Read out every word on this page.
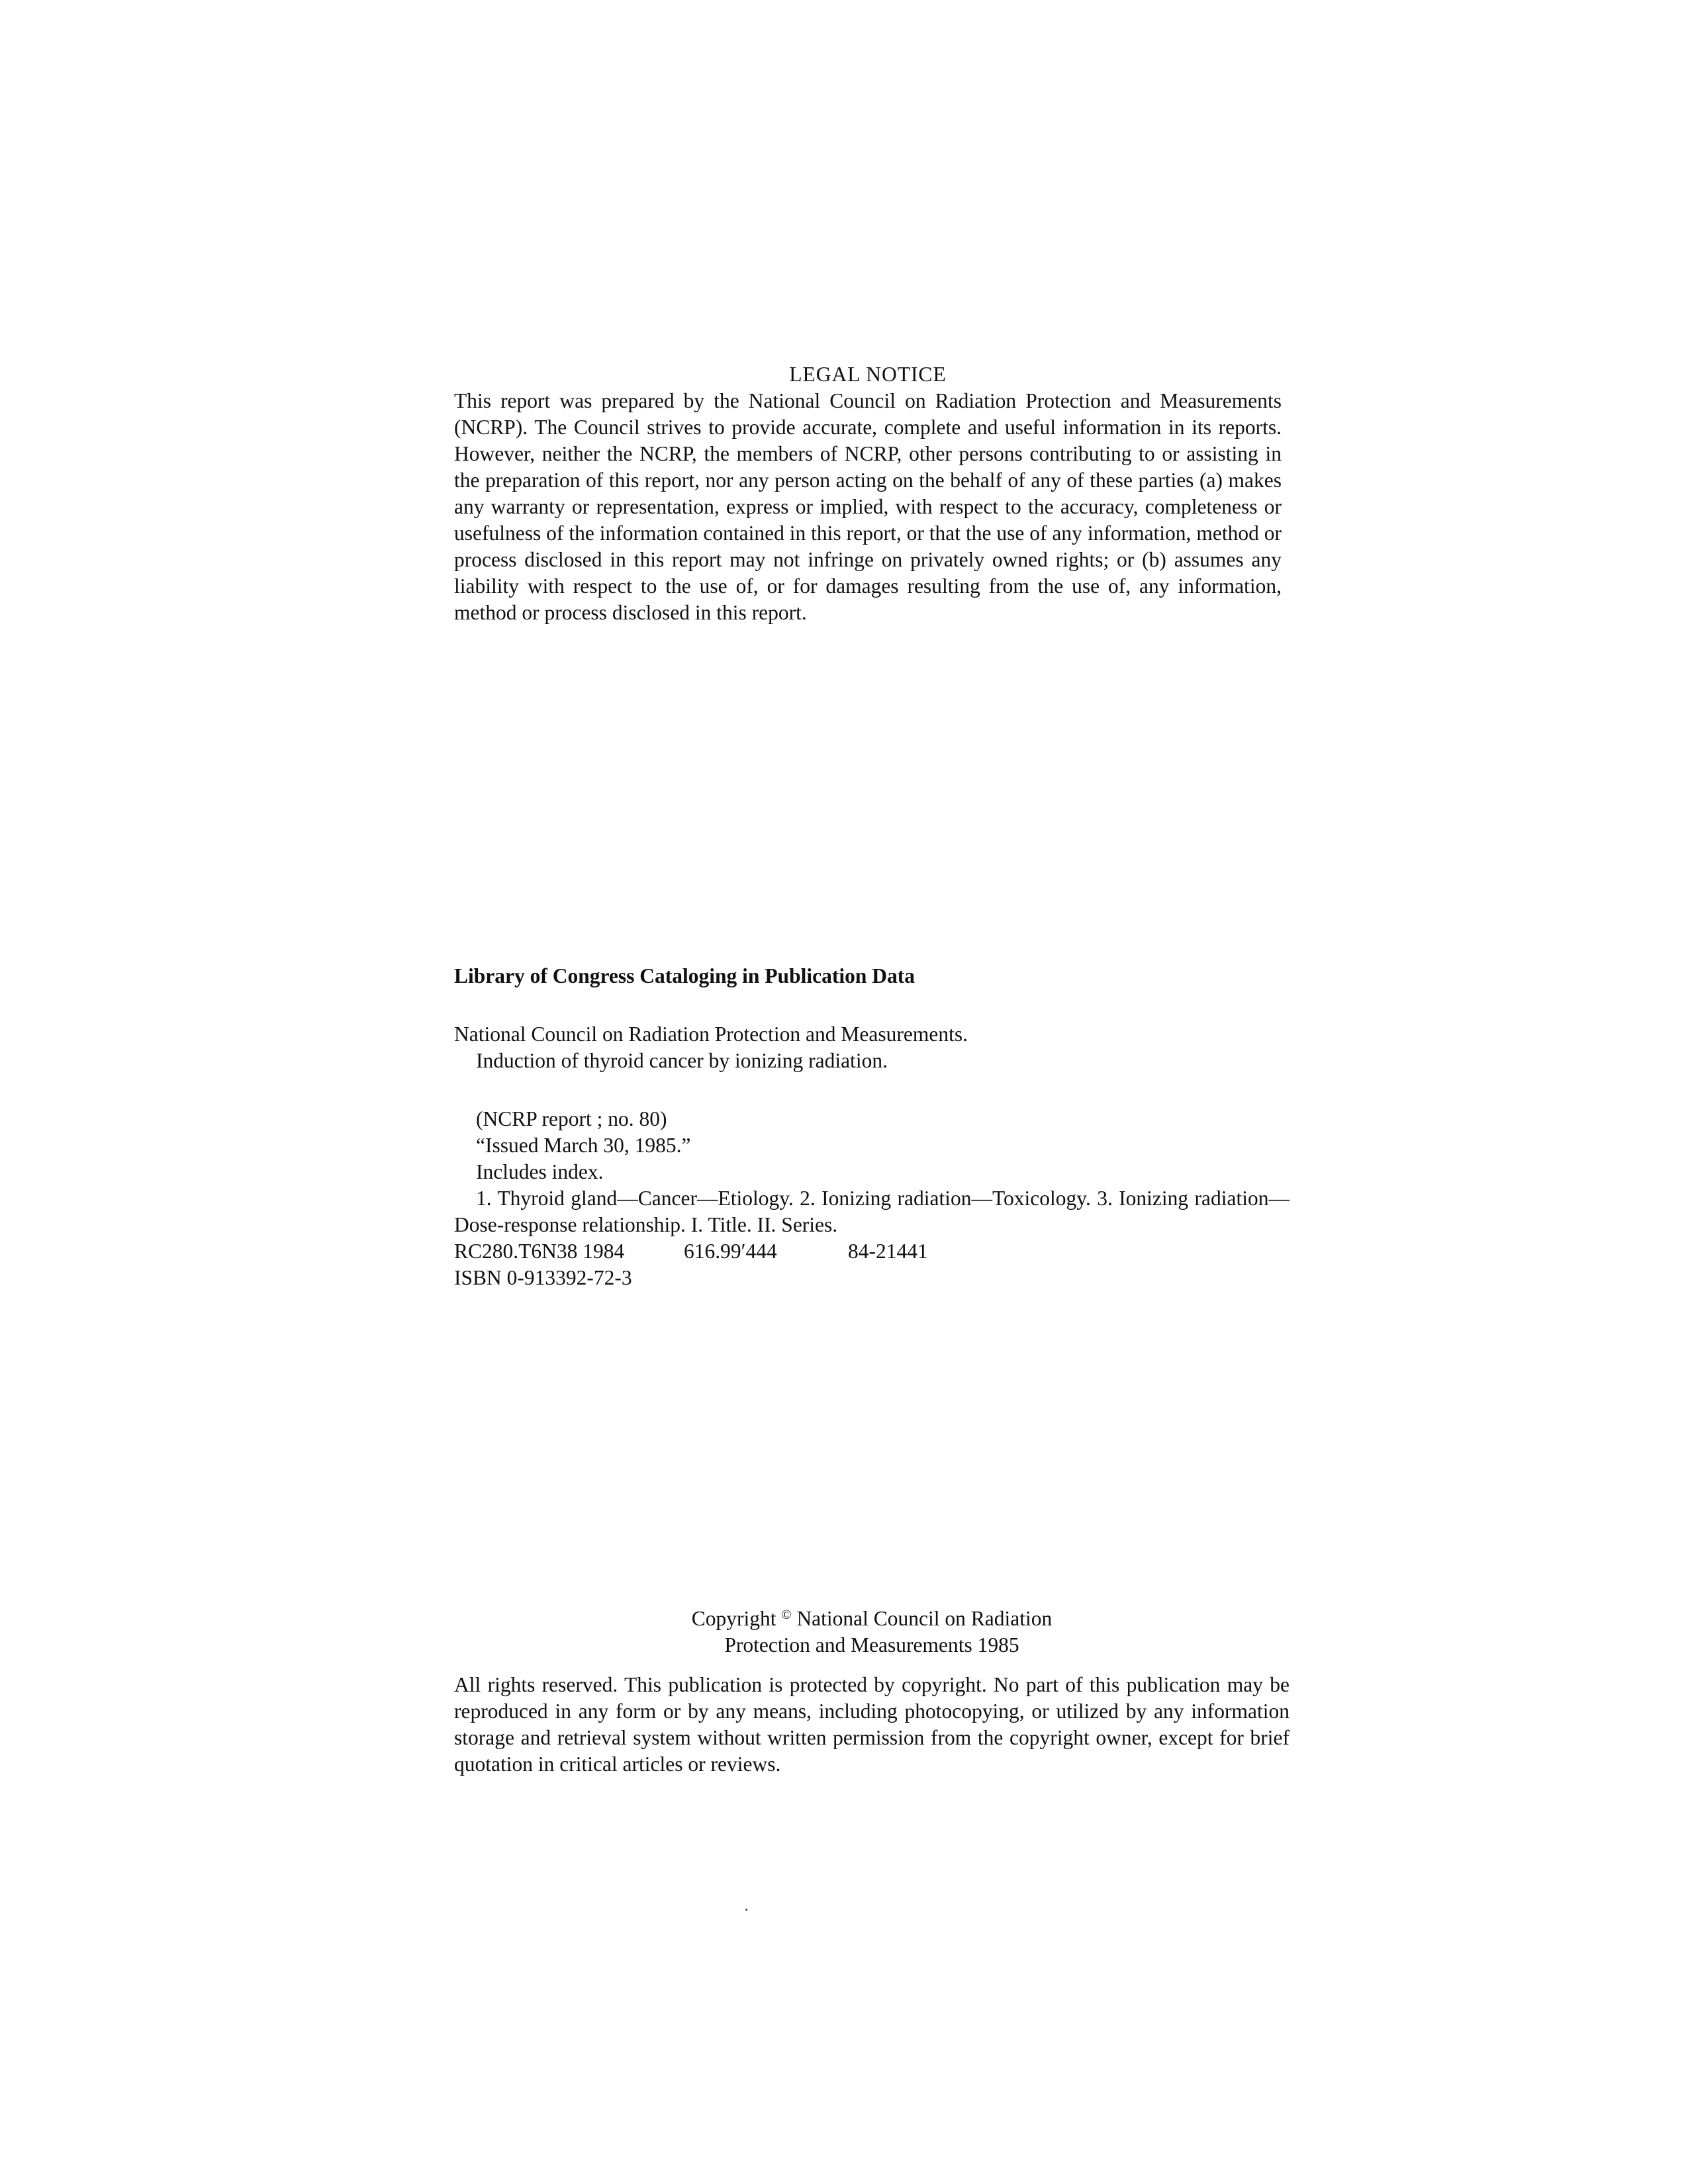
LEGAL NOTICE

This report was prepared by the National Council on Radiation Protection and Measurements (NCRP). The Council strives to provide accurate, complete and useful information in its reports. However, neither the NCRP, the members of NCRP, other persons contributing to or assisting in the preparation of this report, nor any person acting on the behalf of any of these parties (a) makes any warranty or representation, express or implied, with respect to the accuracy, completeness or usefulness of the information contained in this report, or that the use of any information, method or process disclosed in this report may not infringe on privately owned rights; or (b) assumes any liability with respect to the use of, or for damages resulting from the use of, any information, method or process disclosed in this report.

Library of Congress Cataloging in Publication Data

National Council on Radiation Protection and Measurements.

Induction of thyroid cancer by ionizing radiation.

(NCRP report ; no. 80)

“Issued March 30, 1985.”

Includes index.

1. Thyroid gland—Cancer—Etiology. 2. Ionizing radiation—Toxicology. 3. Ionizing radiation—Dose-response relationship. I. Title. II. Series.

RC280.T6N38 1984	616.99′444	84-21441

ISBN 0-913392-72-3

Copyright © National Council on Radiation
Protection and Measurements 1985

All rights reserved. This publication is protected by copyright. No part of this publication may be reproduced in any form or by any means, including photocopying, or utilized by any information storage and retrieval system without written permission from the copyright owner, except for brief quotation in critical articles or reviews.
